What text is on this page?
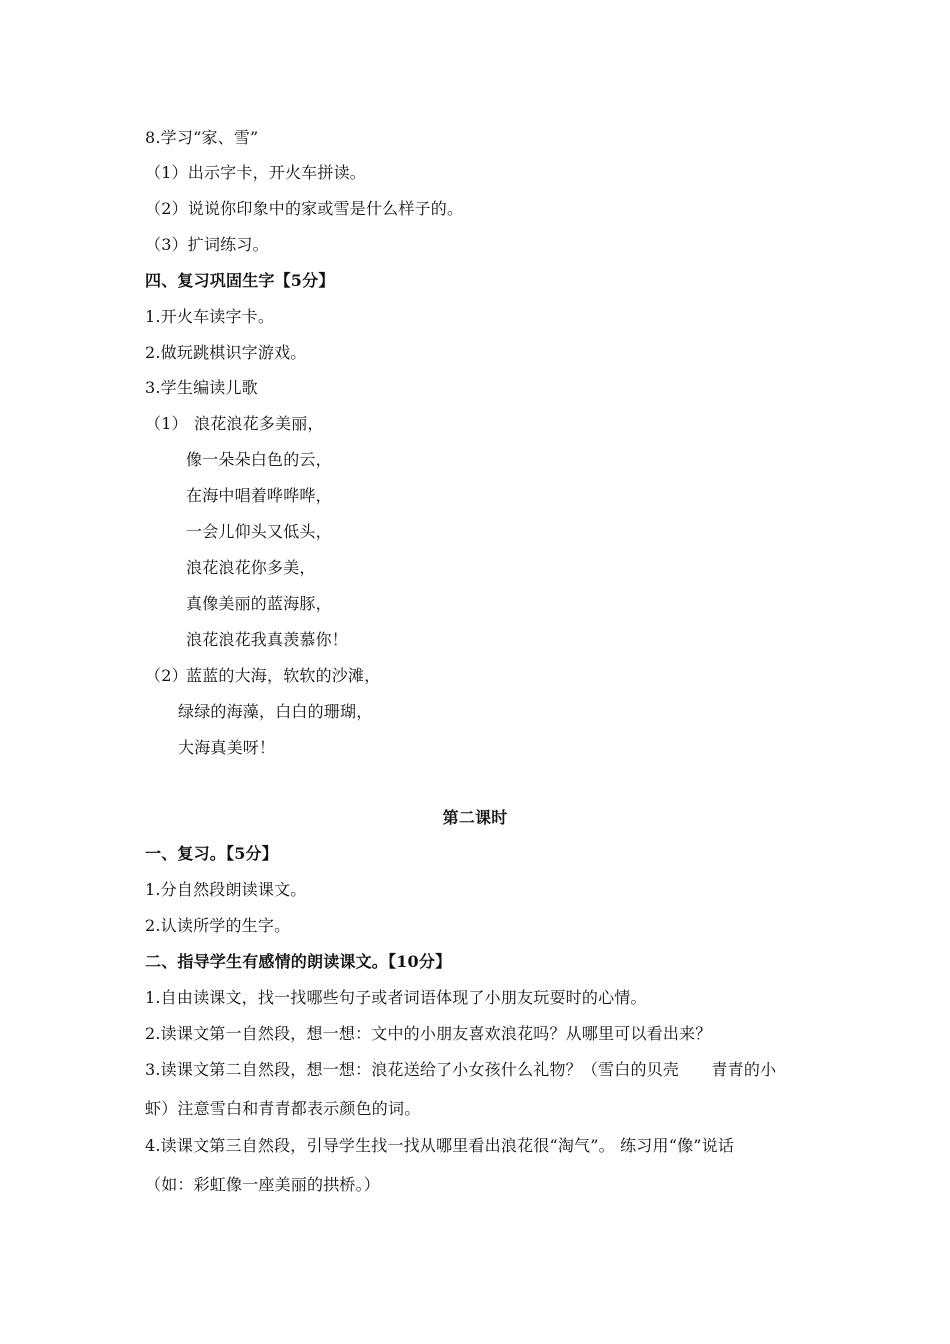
8.学习“家、雪”
（1）出示字卡，开火车拼读。
（2）说说你印象中的家或雪是什么样子的。
（3）扩词练习。
四、复习巩固生字【5分】
1.开火车读字卡。
2.做玩跳棋识字游戏。
3.学生编读儿歌
（1） 浪花浪花多美丽，
像一朵朵白色的云，
在海中唱着哗哗哗，
一会儿仰头又低头，
浪花浪花你多美，
真像美丽的蓝海豚，
浪花浪花我真羡慕你！
（2）
蓝蓝的大海，软软的沙滩，
绿绿的海藻，白白的珊瑚，
大海真美呀！
第二课时
一、复习。【5分】
1.分自然段朗读课文。
2.认读所学的生字。
二、指导学生有感情的朗读课文。【10分】
1.自由读课文，找一找哪些句子或者词语体现了小朋友玩耍时的心情。
2.读课文第一自然段，想一想：文中的小朋友喜欢浪花吗？从哪里可以看出来？
3.读课文第二自然段，想一想：浪花送给了小女孩什么礼物？（雪白的贝壳　　青青的小
虾）注意雪白和青青都表示颜色的词。
4.读课文第三自然段，引导学生找一找从哪里看出浪花很“淘气”。 练习用“像”说话
（如：彩虹像一座美丽的拱桥。）
